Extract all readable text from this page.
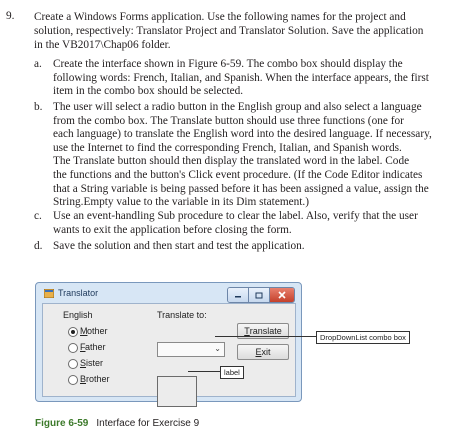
9. Create a Windows Forms application. Use the following names for the project and
solution, respectively: Translator Project and Translator Solution. Save the application
in the VB2017\Chap06 folder.
a. Create the interface shown in Figure 6-59. The combo box should display the
following words: French, Italian, and Spanish. When the interface appears, the first
item in the combo box should be selected.
b. The user will select a radio button in the English group and also select a language
from the combo box. The Translate button should use three functions (one for
each language) to translate the English word into the desired language. If necessary,
use the Internet to find the corresponding French, Italian, and Spanish words.
The Translate button should then display the translated word in the label. Code
the functions and the button's Click event procedure. (If the Code Editor indicates
that a String variable is being passed before it has been assigned a value, assign the
String.Empty value to the variable in its Dim statement.)
c. Use an event-handling Sub procedure to clear the label. Also, verify that the user
wants to exit the application before closing the form.
d. Save the solution and then start and test the application.
Translator
English
M other
F ather
S ister
B rother
Translate to:
⌄
T ranslate
E xit
DropDownList combo box
label
Figure 6-59 Interface for Exercise 9
